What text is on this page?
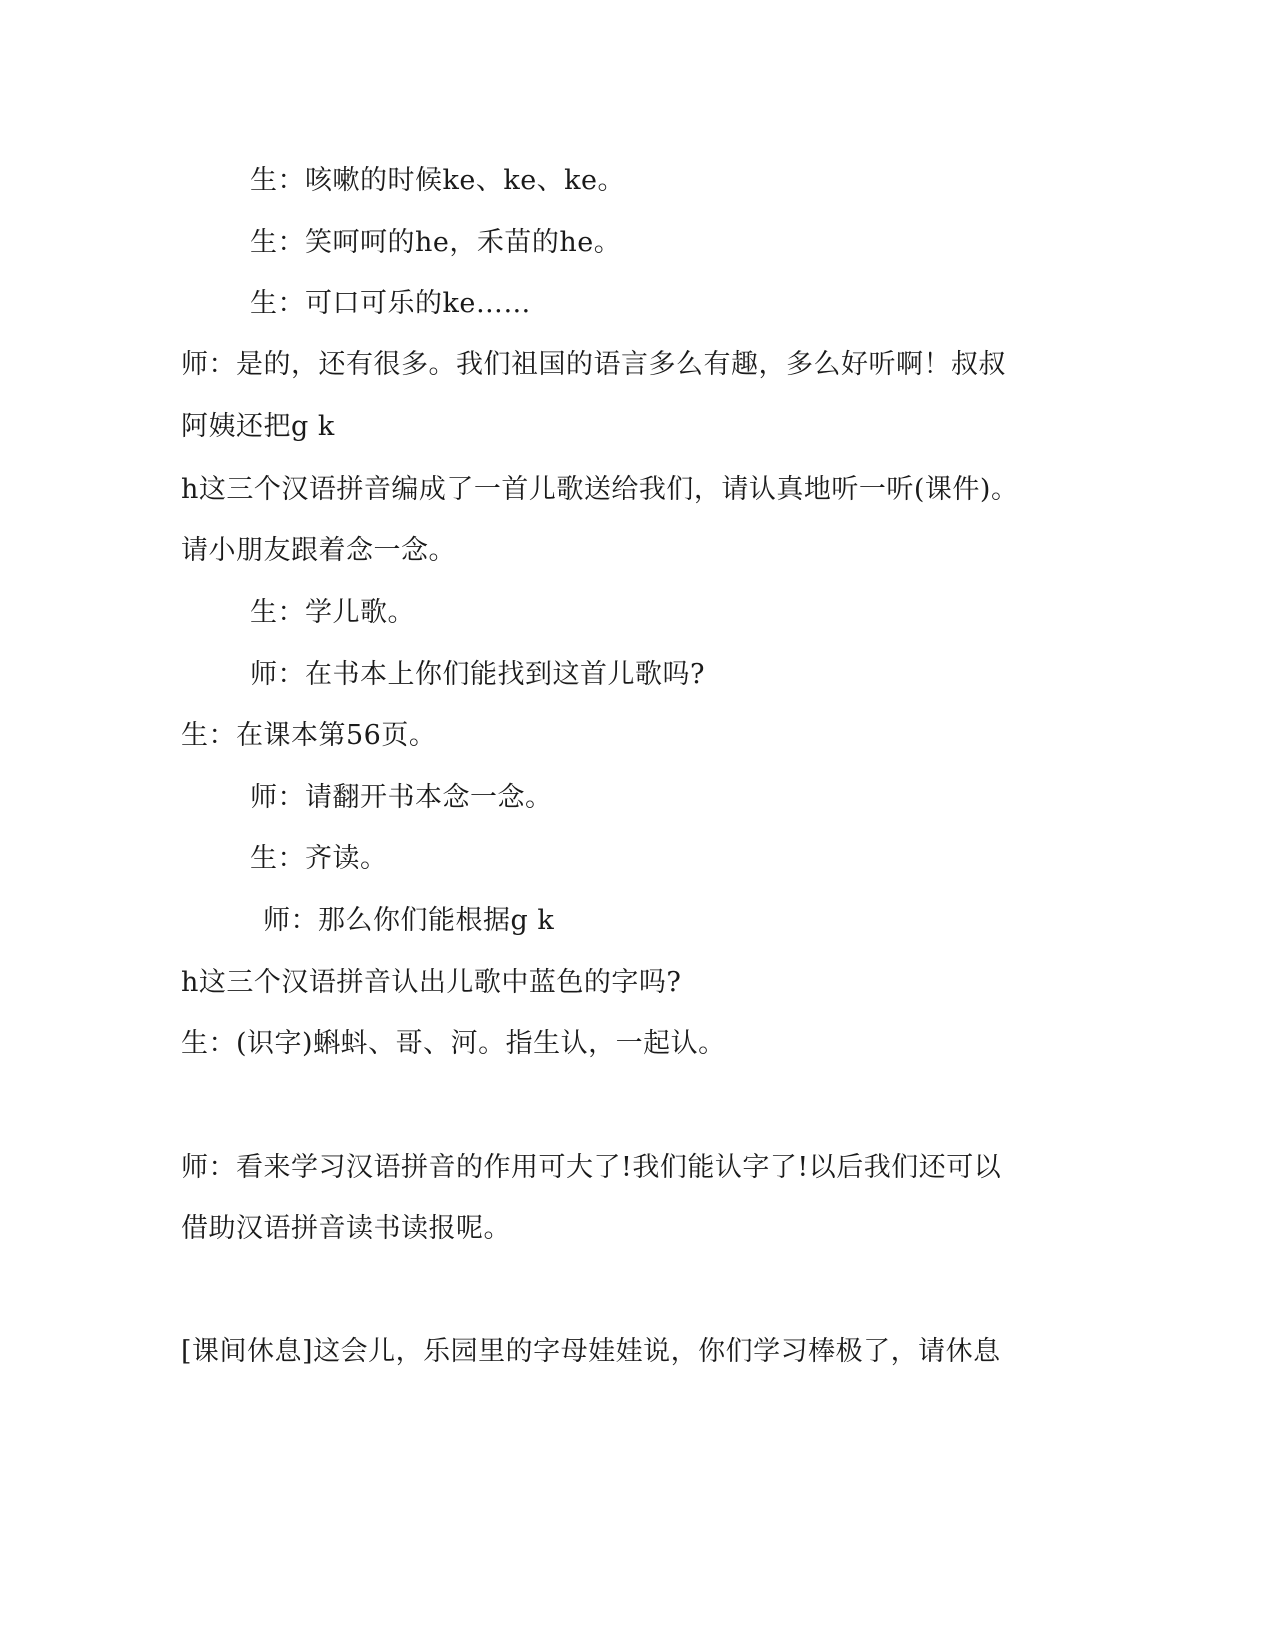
生：咳嗽的时候ke、ke、ke。
生：笑呵呵的he，禾苗的he。
生：可口可乐的ke……
师：是的，还有很多。我们祖国的语言多么有趣，多么好听啊！叔叔
阿姨还把g k
h这三个汉语拼音编成了一首儿歌送给我们，请认真地听一听(课件)。
请小朋友跟着念一念。
生：学儿歌。
师：在书本上你们能找到这首儿歌吗?
生：在课本第56页。
师：请翻开书本念一念。
生：齐读。
师：那么你们能根据g k
h这三个汉语拼音认出儿歌中蓝色的字吗?
生：(识字)蝌蚪、哥、河。指生认，一起认。
师：看来学习汉语拼音的作用可大了!我们能认字了!以后我们还可以
借助汉语拼音读书读报呢。
[课间休息]这会儿，乐园里的字母娃娃说，你们学习棒极了，请休息
